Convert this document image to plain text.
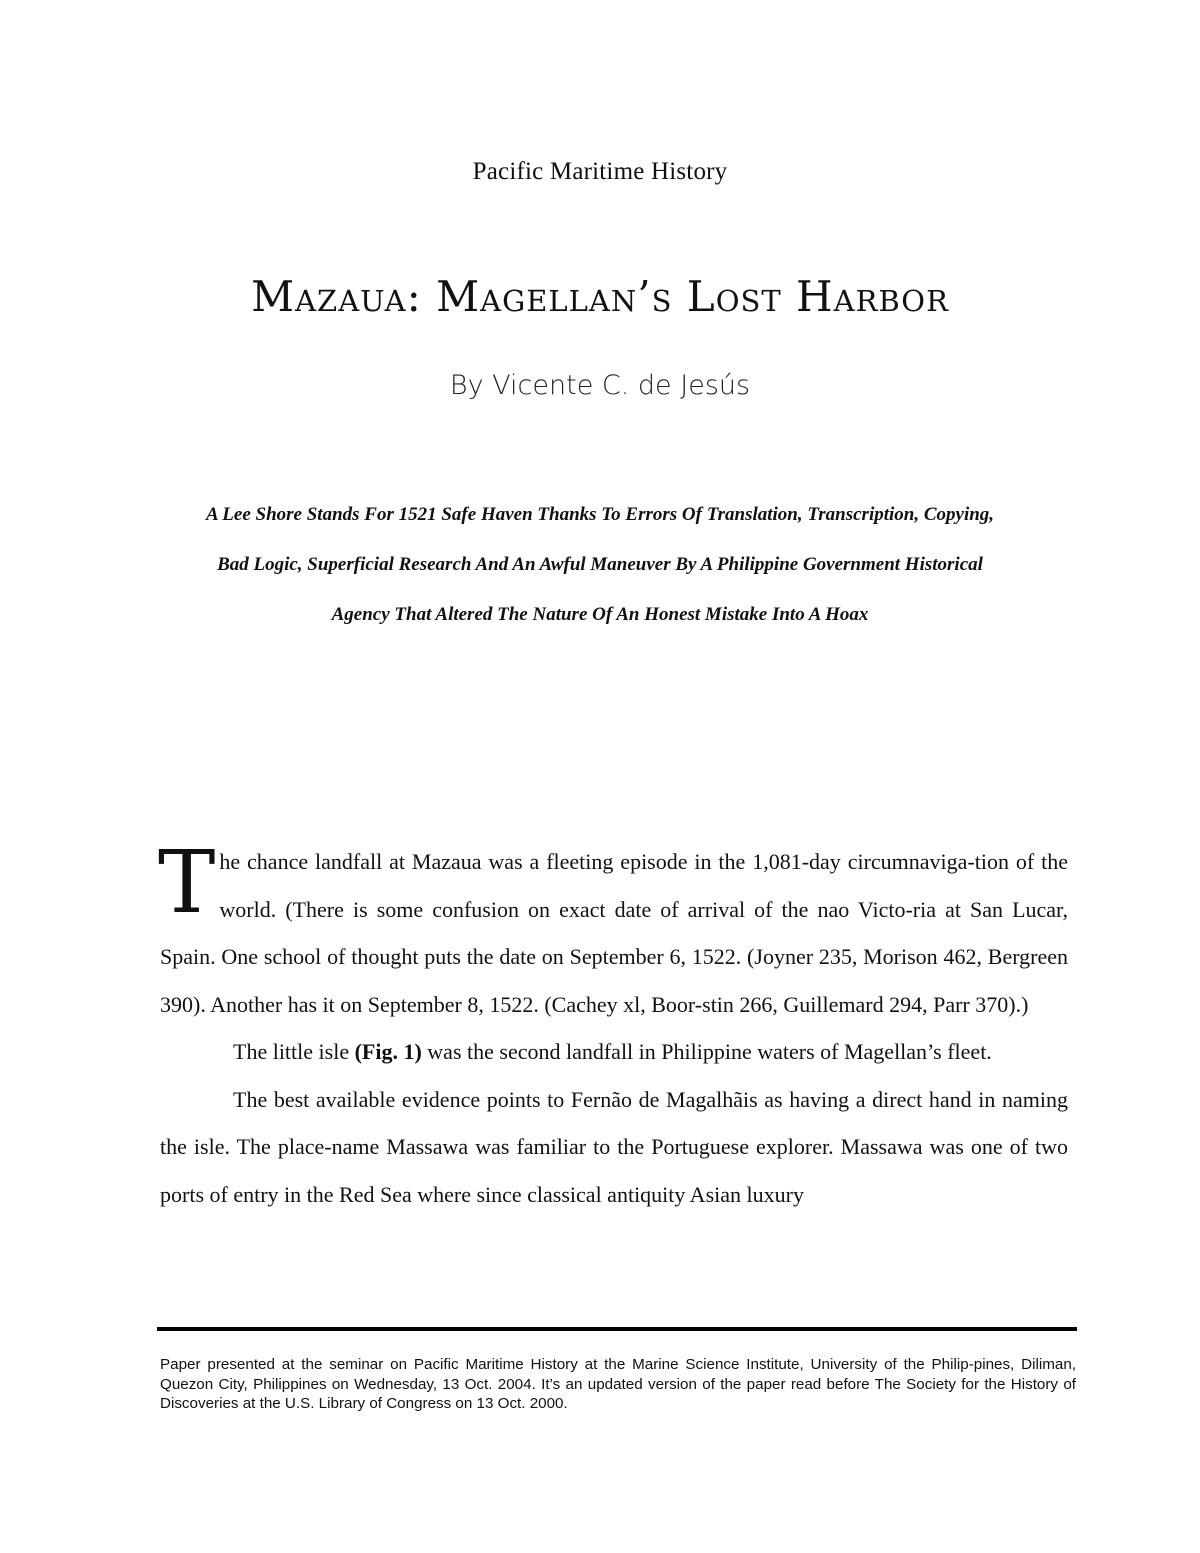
Pacific Maritime History
Mazaua: Magellan’s Lost Harbor
By Vicente C. de Jesús
A Lee Shore Stands For 1521 Safe Haven Thanks To Errors Of Translation, Transcription, Copying,
Bad Logic, Superficial Research And An Awful Maneuver By A Philippine Government Historical
Agency That Altered The Nature Of An Honest Mistake Into A Hoax

The chance landfall at Mazaua was a fleeting episode in the 1,081-day circumnaviga-tion of the world. (There is some confusion on exact date of arrival of the nao Victo-ria at San Lucar, Spain. One school of thought puts the date on September 6, 1522. (Joyner 235, Morison 462, Bergreen 390). Another has it on September 8, 1522. (Cachey xl, Boor-stin 266, Guillemard 294, Parr 370).)

The little isle (Fig. 1) was the second landfall in Philippine waters of Magellan’s fleet.

The best available evidence points to Fernão de Magalhãis as having a direct hand in naming the isle. The place-name Massawa was familiar to the Portuguese explorer. Massawa was one of two ports of entry in the Red Sea where since classical antiquity Asian luxury

Paper presented at the seminar on Pacific Maritime History at the Marine Science Institute, University of the Philip-pines, Diliman, Quezon City, Philippines on Wednesday, 13 Oct. 2004. It’s an updated version of the paper read before The Society for the History of Discoveries at the U.S. Library of Congress on 13 Oct. 2000.
